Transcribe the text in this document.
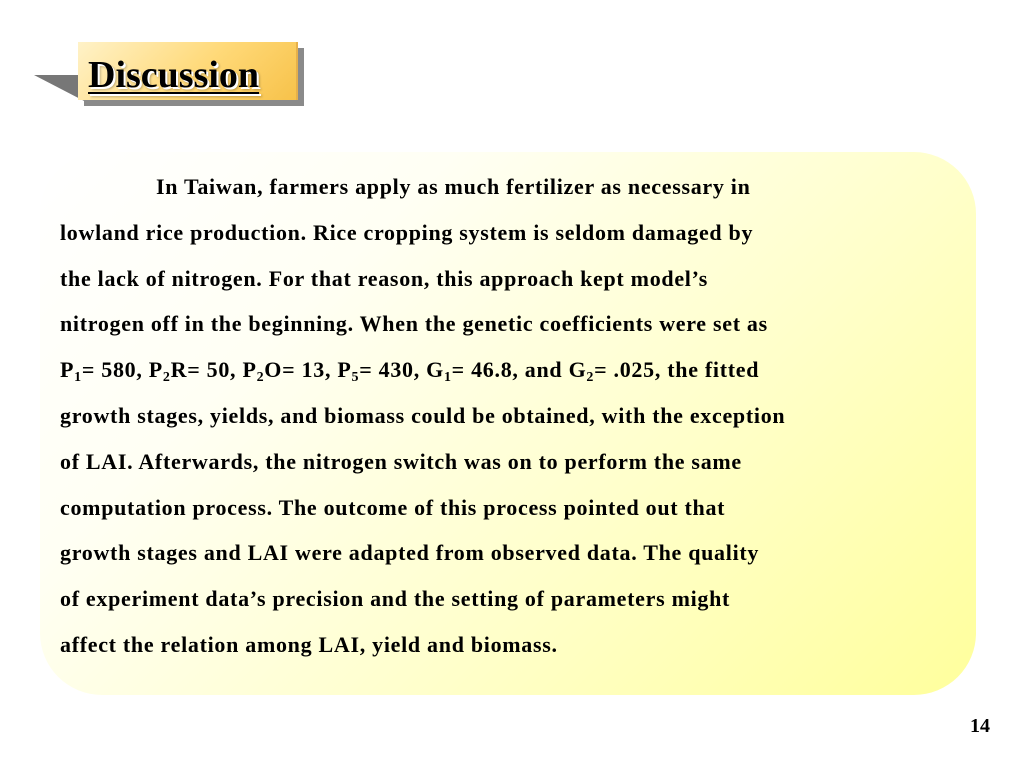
Discussion
In Taiwan, farmers apply as much fertilizer as necessary in
lowland rice production. Rice cropping system is seldom damaged by
the lack of nitrogen. For that reason, this approach kept model’s
nitrogen off in the beginning. When the genetic coefficients were set as
$P_1= 580$, $P_2R= 50$, $P_2O= 13$, $P_5= 430$, $G_1= 46.8$, and $G_2= .025$, the fitted
growth stages, yields, and biomass could be obtained, with the exception
of LAI. Afterwards, the nitrogen switch was on to perform the same
computation process. The outcome of this process pointed out that
growth stages and LAI were adapted from observed data. The quality
of experiment data’s precision and the setting of parameters might
affect the relation among LAI, yield and biomass.
14
